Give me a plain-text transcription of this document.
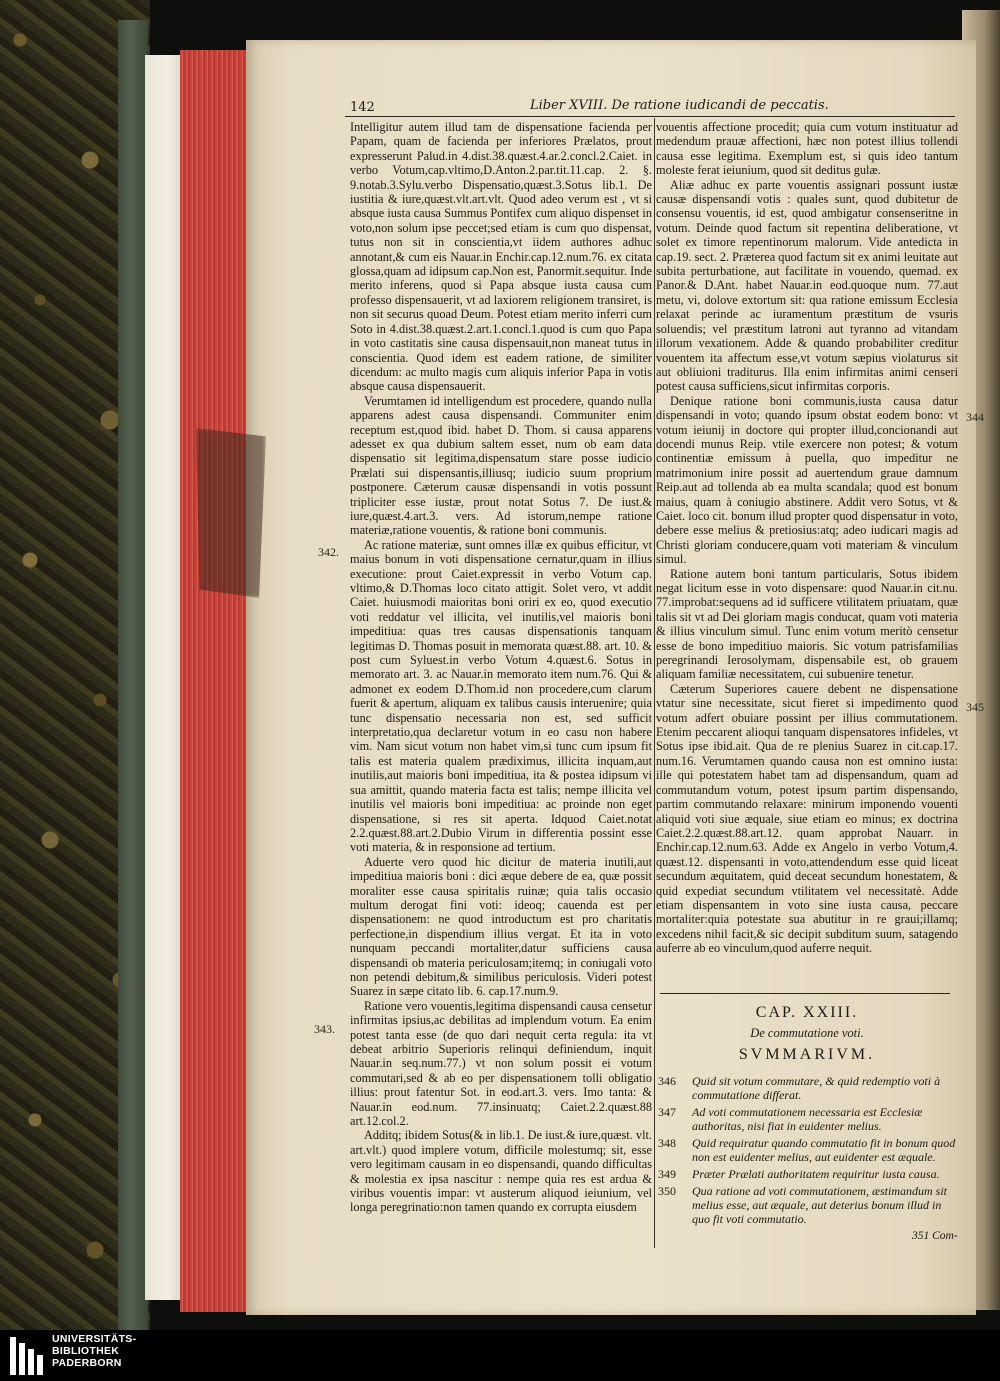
142	Liber XVIII. De ratione iudicandi de peccatis.
342.
343.
344
345

Intelligitur autem illud tam de dispensatione facienda per Papam, quam de facienda per inferiores Prælatos, prout expresserunt Palud.in 4.dist.38.quæst.4.ar.2.concl.2.Caiet. in verbo Votum,cap.vltimo,D.Anton.2.par.tit.11.cap. 2. §. 9.notab.3.Sylu.verbo Dispensatio,quæst.3.Sotus lib.1. De iustitia & iure,quæst.vlt.art.vlt. Quod adeo verum est , vt si absque iusta causa Summus Pontifex cum aliquo dispenset in voto,non solum ipse peccet;sed etiam is cum quo dispensat, tutus non sit in conscientia,vt iidem authores adhuc annotant,& cum eis Nauar.in Enchir.cap.12.num.76. ex citata glossa,quam ad idipsum cap.Non est, Panormit.sequitur. Inde merito inferens, quod si Papa absque iusta causa cum professo dispensauerit, vt ad laxiorem religionem transiret, is non sit securus quoad Deum. Potest etiam merito inferri cum Soto in 4.dist.38.quæst.2.art.1.concl.1.quod is cum quo Papa in voto castitatis sine causa dispensauit,non maneat tutus in conscientia. Quod idem est eadem ratione, de similiter dicendum: ac multo magis cum aliquis inferior Papa in votis absque causa dispensauerit.

Verumtamen id intelligendum est procedere, quando nulla apparens adest causa dispensandi. Communiter enim receptum est,quod ibid. habet D. Thom. si causa apparens adesset ex qua dubium saltem esset, num ob eam data dispensatio sit legitima,dispensatum stare posse iudicio Prælati sui dispensantis,illiusq; iudicio suum proprium postponere. Cæterum causæ dispensandi in votis possunt tripliciter esse iustæ, prout notat Sotus 7. De iust.& iure,quæst.4.art.3. vers. Ad istorum,nempe ratione materiæ,ratione vouentis, & ratione boni communis.

Ac ratione materiæ, sunt omnes illæ ex quibus efficitur, vt maius bonum in voti dispensatione cernatur,quam in illius executione: prout Caiet.expressit in verbo Votum cap. vltimo,& D.Thomas loco citato attigit. Solet vero, vt addit Caiet. huiusmodi maioritas boni oriri ex eo, quod executio voti reddatur vel illicita, vel inutilis,vel maioris boni impeditiua: quas tres causas dispensationis tanquam legitimas D. Thomas posuit in memorata quæst.88. art. 10. & post cum Syluest.in verbo Votum 4.quæst.6. Sotus in memorato art. 3. ac Nauar.in memorato item num.76. Qui & admonet ex eodem D.Thom.id non procedere,cum clarum fuerit & apertum, aliquam ex talibus causis interuenire; quia tunc dispensatio necessaria non est, sed sufficit interpretatio,qua declaretur votum in eo casu non habere vim. Nam sicut votum non habet vim,si tunc cum ipsum fit talis est materia qualem prædiximus, illicita inquam,aut inutilis,aut maioris boni impeditiua, ita & postea idipsum vi sua amittit, quando materia facta est talis; nempe illicita vel inutilis vel maioris boni impeditiua: ac proinde non eget dispensatione, si res sit aperta. Idquod Caiet.notat 2.2.quæst.88.art.2.Dubio Virum in differentia possint esse voti materia, & in responsione ad tertium.

Aduerte vero quod hic dicitur de materia inutili,aut impeditiua maioris boni : dici æque debere de ea, quæ possit moraliter esse causa spiritalis ruinæ; quia talis occasio multum derogat fini voti: ideoq; cauenda est per dispensationem: ne quod introductum est pro charitatis perfectione,in dispendium illius vergat. Et ita in voto nunquam peccandi mortaliter,datur sufficiens causa dispensandi ob materia periculosam;itemq; in coniugali voto non petendi debitum,& similibus periculosis. Videri potest Suarez in sæpe citato lib. 6. cap.17.num.9.

Ratione vero vouentis,legitima dispensandi causa censetur infirmitas ipsius,ac debilitas ad implendum votum. Ea enim potest tanta esse (de quo dari nequit certa regula: ita vt debeat arbitrio Superioris relinqui definiendum, inquit Nauar.in seq.num.77.) vt non solum possit ei votum commutari,sed & ab eo per dispensationem tolli obligatio illius: prout fatentur Sot. in eod.art.3. vers. Imo tanta: & Nauar.in eod.num. 77.insinuatq; Caiet.2.2.quæst.88 art.12.col.2.

Additq; ibidem Sotus(& in lib.1. De iust.& iure,quæst. vlt. art.vlt.) quod implere votum, difficile molestumq; sit, esse vero legitimam causam in eo dispensandi, quando difficultas & molestia ex ipsa nascitur : nempe quia res est ardua & viribus vouentis impar: vt austerum aliquod ieiunium, vel longa peregrinatio:non tamen quando ex corrupta eiusdem

vouentis affectione procedit; quia cum votum instituatur ad medendum prauæ affectioni, hæc non potest illius tollendi causa esse legitima. Exemplum est, si quis ideo tantum moleste ferat ieiunium, quod sit deditus gulæ.

Aliæ adhuc ex parte vouentis assignari possunt iustæ causæ dispensandi votis : quales sunt, quod dubitetur de consensu vouentis, id est, quod ambigatur consenseritne in votum. Deinde quod factum sit repentina deliberatione, vt solet ex timore repentinorum malorum. Vide antedicta in cap.19. sect. 2. Præterea quod factum sit ex animi leuitate aut subita perturbatione, aut facilitate in vouendo, quemad. ex Panor.& D.Ant. habet Nauar.in eod.quoque num. 77.aut metu, vi, dolove extortum sit: qua ratione emissum Ecclesia relaxat perinde ac iuramentum præstitum de vsuris soluendis; vel præstitum latroni aut tyranno ad vitandam illorum vexationem. Adde & quando probabiliter creditur vouentem ita affectum esse,vt votum sæpius violaturus sit aut obliuioni traditurus. Illa enim infirmitas animi censeri potest causa sufficiens,sicut infirmitas corporis.

Denique ratione boni communis,iusta causa datur dispensandi in voto; quando ipsum obstat eodem bono: vt votum ieiunij in doctore qui propter illud,concionandi aut docendi munus Reip. vtile exercere non potest; & votum continentiæ emissum à puella, quo impeditur ne matrimonium inire possit ad auertendum graue damnum Reip.aut ad tollenda ab ea multa scandala; quod est bonum maius, quam à coniugio abstinere. Addit vero Sotus, vt & Caiet. loco cit. bonum illud propter quod dispensatur in voto, debere esse melius & pretiosius:atq; adeo iudicari magis ad Christi gloriam conducere,quam voti materiam & vinculum simul.

Ratione autem boni tantum particularis, Sotus ibidem negat licitum esse in voto dispensare: quod Nauar.in cit.nu. 77.improbat:sequens ad id sufficere vtilitatem priuatam, quæ talis sit vt ad Dei gloriam magis conducat, quam voti materia & illius vinculum simul. Tunc enim votum meritò censetur esse de bono impeditiuo maioris. Sic votum patrisfamilias peregrinandi Ierosolymam, dispensabile est, ob grauem aliquam familiæ necessitatem, cui subuenire tenetur.

Cæterum Superiores cauere debent ne dispensatione vtatur sine necessitate, sicut fieret si impedimento quod votum adfert obuiare possint per illius commutationem. Etenim peccarent alioqui tanquam dispensatores infideles, vt Sotus ipse ibid.ait. Qua de re plenius Suarez in cit.cap.17. num.16. Verumtamen quando causa non est omnino iusta: ille qui potestatem habet tam ad dispensandum, quam ad commutandum votum, potest ipsum partim dispensando, partim commutando relaxare: minirum imponendo vouenti aliquid voti siue æquale, siue etiam eo minus; ex doctrina Caiet.2.2.quæst.88.art.12. quam approbat Nauarr. in Enchir.cap.12.num.63. Adde ex Angelo in verbo Votum,4. quæst.12. dispensanti in voto,attendendum esse quid liceat secundum æquitatem, quid deceat secundum honestatem, & quid expediat secundum vtilitatem vel necessitatè. Adde etiam dispensantem in voto sine iusta causa, peccare mortaliter:quia potestate sua abutitur in re graui;illamq; excedens nihil facit,& sic decipit subditum suum, satagendo auferre ab eo vinculum,quod auferre nequit.

CAP. XXIII.
De commutatione voti.
SVMMARIVM.
346	Quid sit votum commutare, & quid redemptio voti à commutatione differat.
347	Ad voti commutationem necessaria est Ecclesiæ authoritas, nisi fiat in euidenter melius.
348	Quid requiratur quando commutatio fit in bonum quod non est euidenter melius, aut euidenter est æquale.
349	Præter Prælati authoritatem requiritur iusta causa.
350	Qua ratione ad voti commutationem, æstimandum sit melius esse, aut æquale, aut deterius bonum illud in quo fit voti commutatio.
351 Com-
UNIVERSITÄTS-
BIBLIOTHEK
PADERBORN
